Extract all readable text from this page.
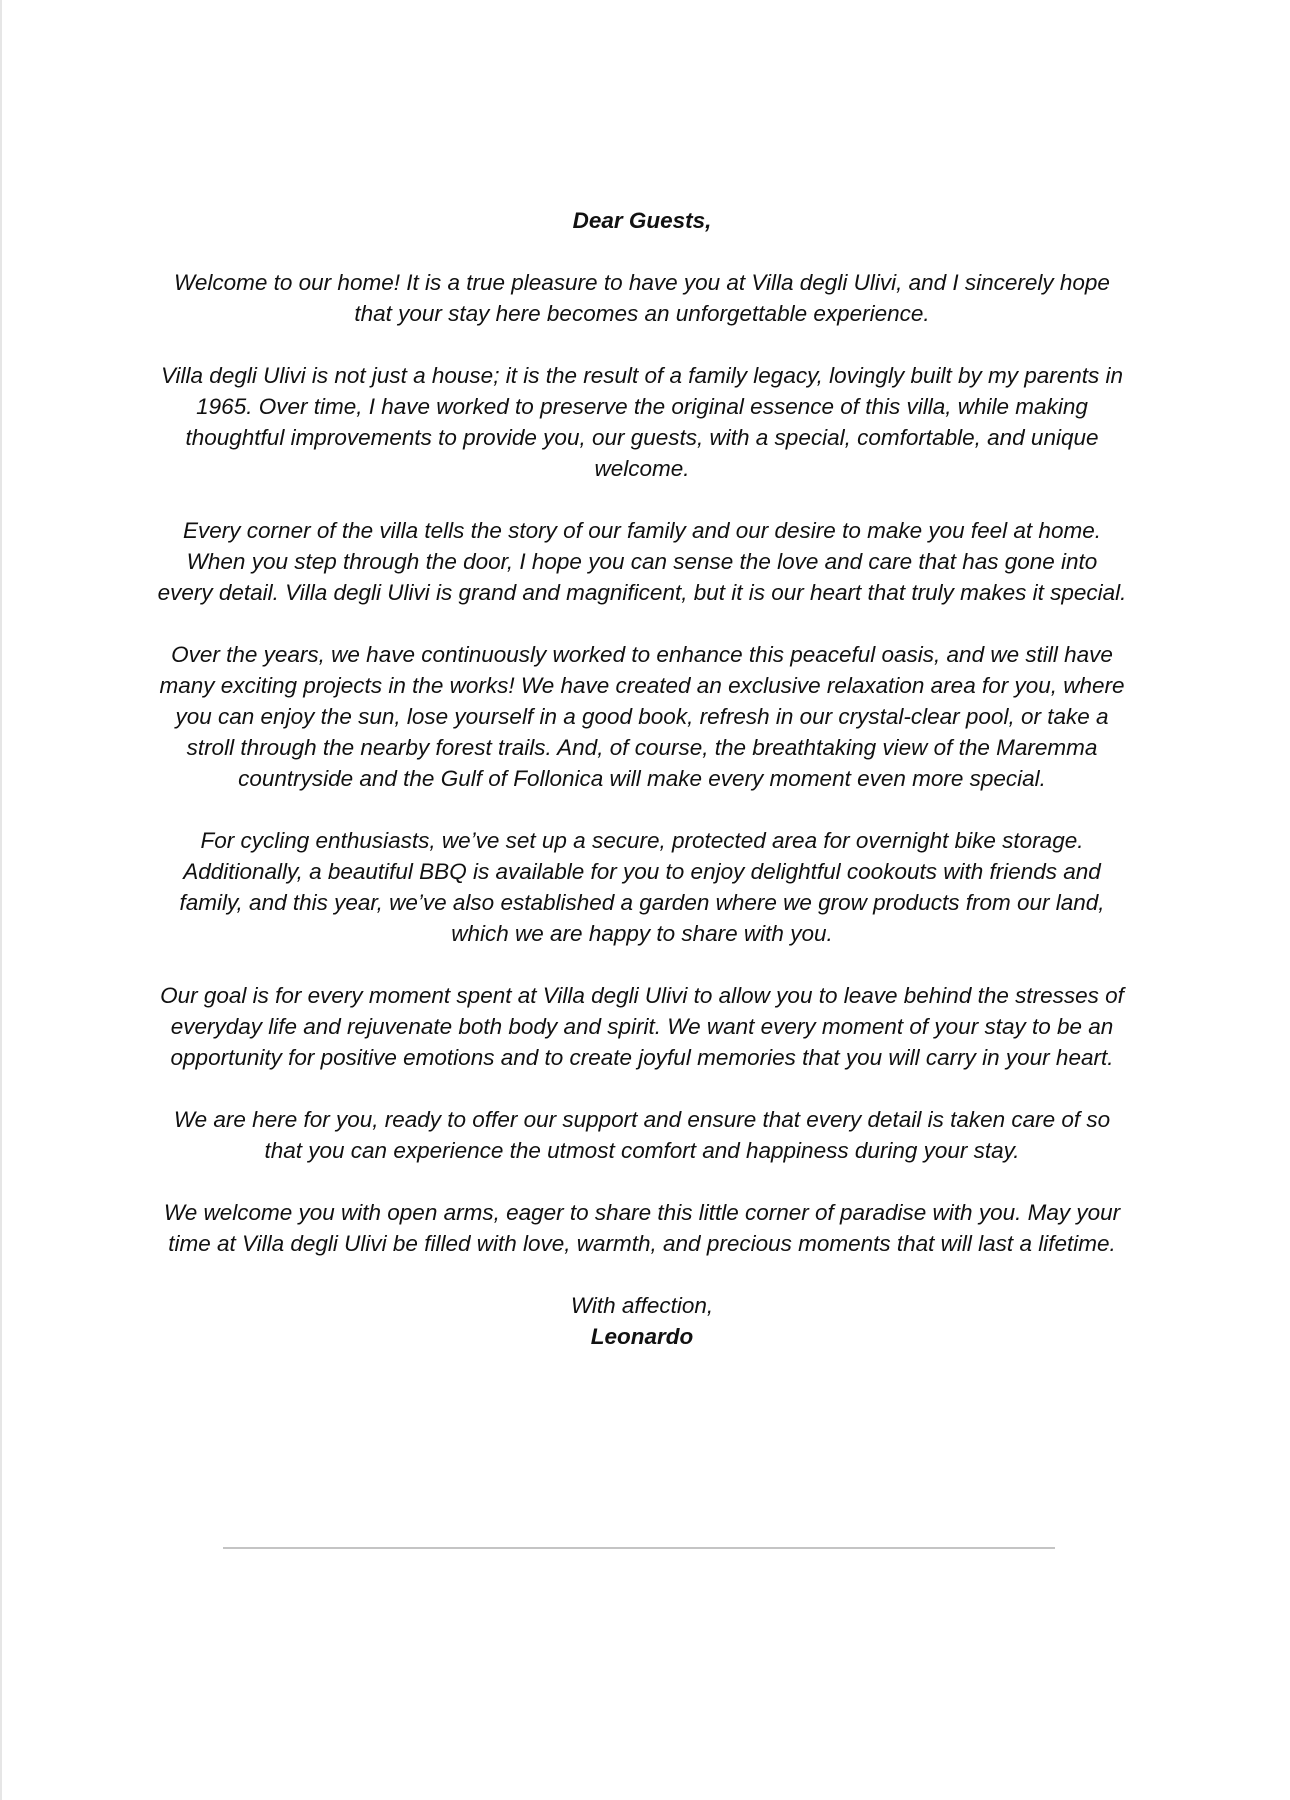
Dear Guests,

Welcome to our home! It is a true pleasure to have you at Villa degli Ulivi, and I sincerely hope that your stay here becomes an unforgettable experience.

Villa degli Ulivi is not just a house; it is the result of a family legacy, lovingly built by my parents in 1965. Over time, I have worked to preserve the original essence of this villa, while making thoughtful improvements to provide you, our guests, with a special, comfortable, and unique welcome.

Every corner of the villa tells the story of our family and our desire to make you feel at home. When you step through the door, I hope you can sense the love and care that has gone into every detail. Villa degli Ulivi is grand and magnificent, but it is our heart that truly makes it special.

Over the years, we have continuously worked to enhance this peaceful oasis, and we still have many exciting projects in the works! We have created an exclusive relaxation area for you, where you can enjoy the sun, lose yourself in a good book, refresh in our crystal-clear pool, or take a stroll through the nearby forest trails. And, of course, the breathtaking view of the Maremma countryside and the Gulf of Follonica will make every moment even more special.

For cycling enthusiasts, we’ve set up a secure, protected area for overnight bike storage. Additionally, a beautiful BBQ is available for you to enjoy delightful cookouts with friends and family, and this year, we’ve also established a garden where we grow products from our land, which we are happy to share with you.

Our goal is for every moment spent at Villa degli Ulivi to allow you to leave behind the stresses of everyday life and rejuvenate both body and spirit. We want every moment of your stay to be an opportunity for positive emotions and to create joyful memories that you will carry in your heart.

We are here for you, ready to offer our support and ensure that every detail is taken care of so that you can experience the utmost comfort and happiness during your stay.

We welcome you with open arms, eager to share this little corner of paradise with you. May your time at Villa degli Ulivi be filled with love, warmth, and precious moments that will last a lifetime.

With affection,

Leonardo
